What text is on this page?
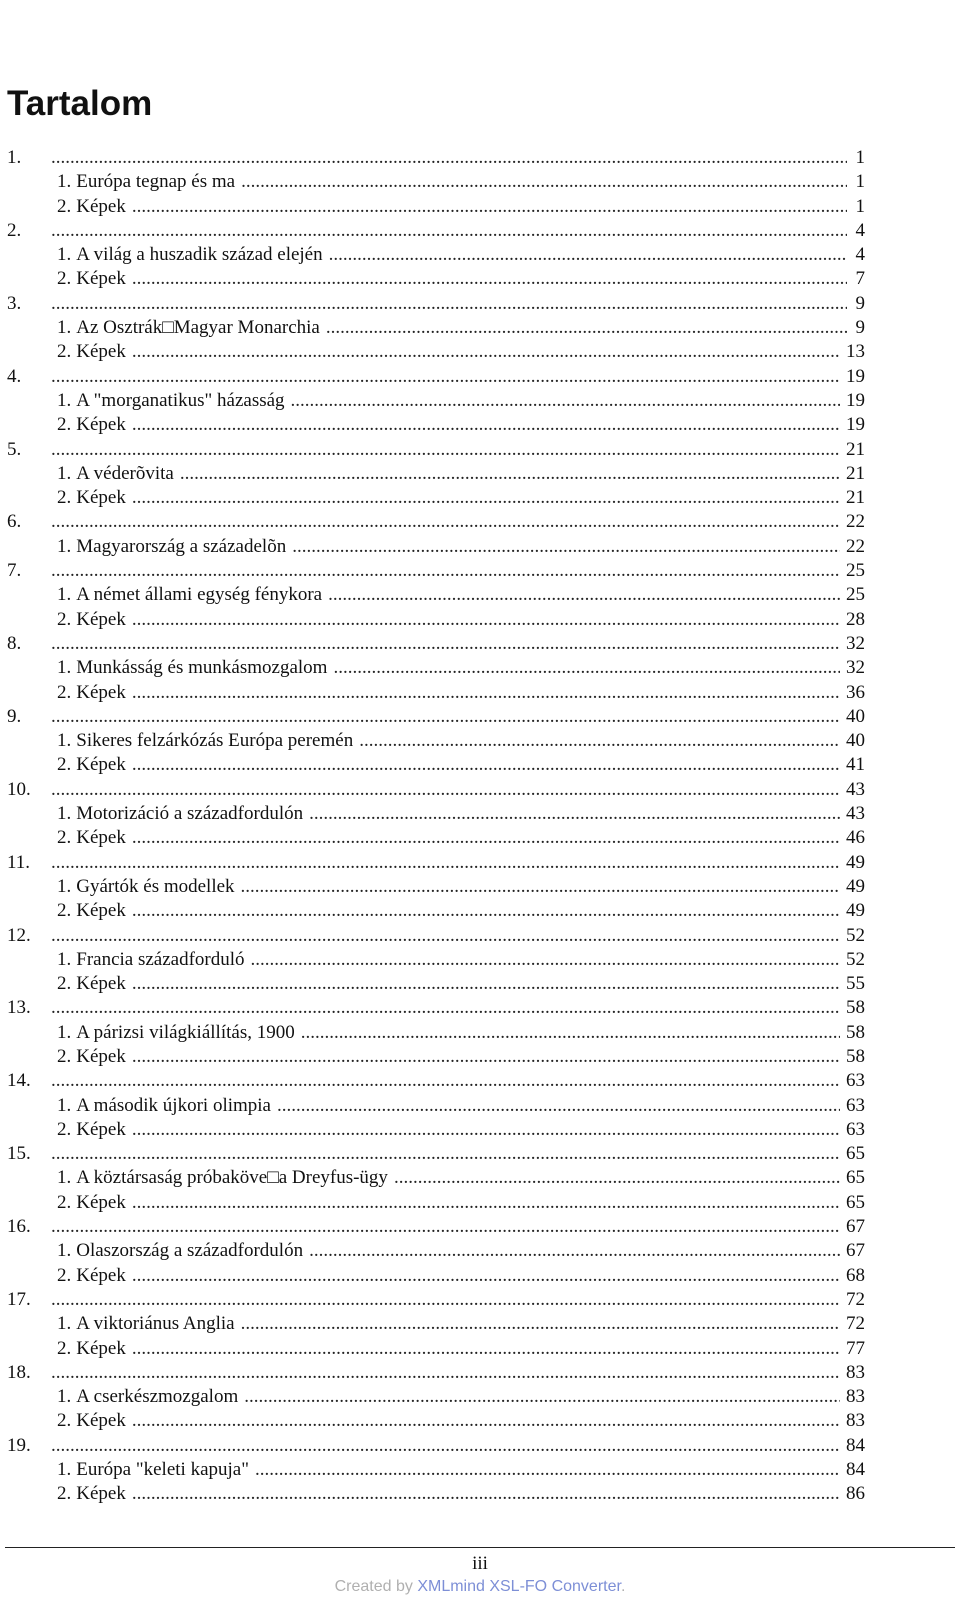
Tartalom
1. .....	1
1. Európa tegnap és ma .....	1
2. Képek .....	1
2. .....	4
1. A világ a huszadik század elején .....	4
2. Képek .....	7
3. .....	9
1. Az Osztrák□Magyar Monarchia .....	9
2. Képek .....	13
4. .....	19
1. A "morganatikus" házasság .....	19
2. Képek .....	19
5. .....	21
1. A véderõvita .....	21
2. Képek .....	21
6. .....	22
1. Magyarország a századelõn .....	22
7. .....	25
1. A német állami egység fénykora .....	25
2. Képek .....	28
8. .....	32
1. Munkásság és munkásmozgalom .....	32
2. Képek .....	36
9. .....	40
1. Sikeres felzárkózás Európa peremén .....	40
2. Képek .....	41
10. .....	43
1. Motorizáció a századfordulón .....	43
2. Képek .....	46
11. .....	49
1. Gyártók és modellek .....	49
2. Képek .....	49
12. .....	52
1. Francia századforduló .....	52
2. Képek .....	55
13. .....	58
1. A párizsi világkiállítás, 1900 .....	58
2. Képek .....	58
14. .....	63
1. A második újkori olimpia .....	63
2. Képek .....	63
15. .....	65
1. A köztársaság próbaköve□a Dreyfus-ügy .....	65
2. Képek .....	65
16. .....	67
1. Olaszország a századfordulón .....	67
2. Képek .....	68
17. .....	72
1. A viktoriánus Anglia .....	72
2. Képek .....	77
18. .....	83
1. A cserkészmozgalom .....	83
2. Képek .....	83
19. .....	84
1. Európa "keleti kapuja" .....	84
2. Képek .....	86
iii
Created by XMLmind XSL-FO Converter.
